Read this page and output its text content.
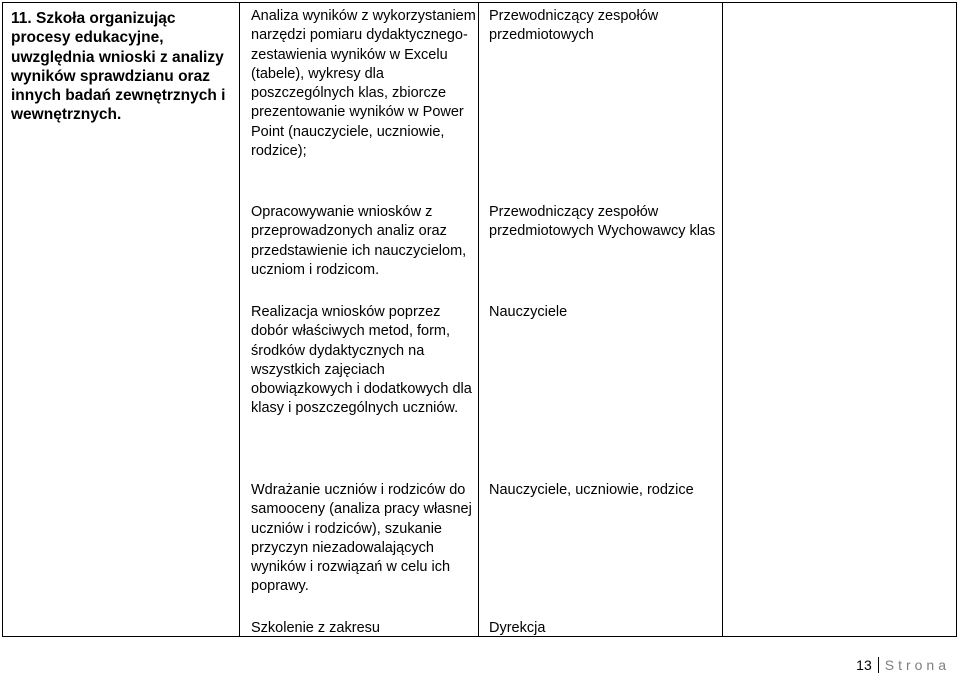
11. Szkoła organizując procesy edukacyjne, uwzględnia wnioski z analizy wyników sprawdzianu oraz innych badań zewnętrznych i wewnętrznych.
Analiza wyników z wykorzystaniem narzędzi pomiaru dydaktycznego- zestawienia wyników w Excelu (tabele), wykresy dla poszczególnych klas, zbiorcze prezentowanie wyników w Power Point (nauczyciele, uczniowie, rodzice);
Przewodniczący zespołów przedmiotowych
Opracowywanie wniosków z przeprowadzonych analiz oraz przedstawienie ich nauczycielom, uczniom i rodzicom.
Przewodniczący zespołów przedmiotowych Wychowawcy klas
Realizacja wniosków poprzez dobór właściwych metod, form, środków dydaktycznych na wszystkich zajęciach obowiązkowych i dodatkowych dla klasy i poszczególnych uczniów.
Nauczyciele
Wdrażanie uczniów i rodziców do samooceny (analiza pracy własnej uczniów i rodziców), szukanie przyczyn niezadowalających wyników i rozwiązań w celu ich poprawy.
Nauczyciele, uczniowie, rodzice
Szkolenie z zakresu	Dyrekcja
13 Strona
